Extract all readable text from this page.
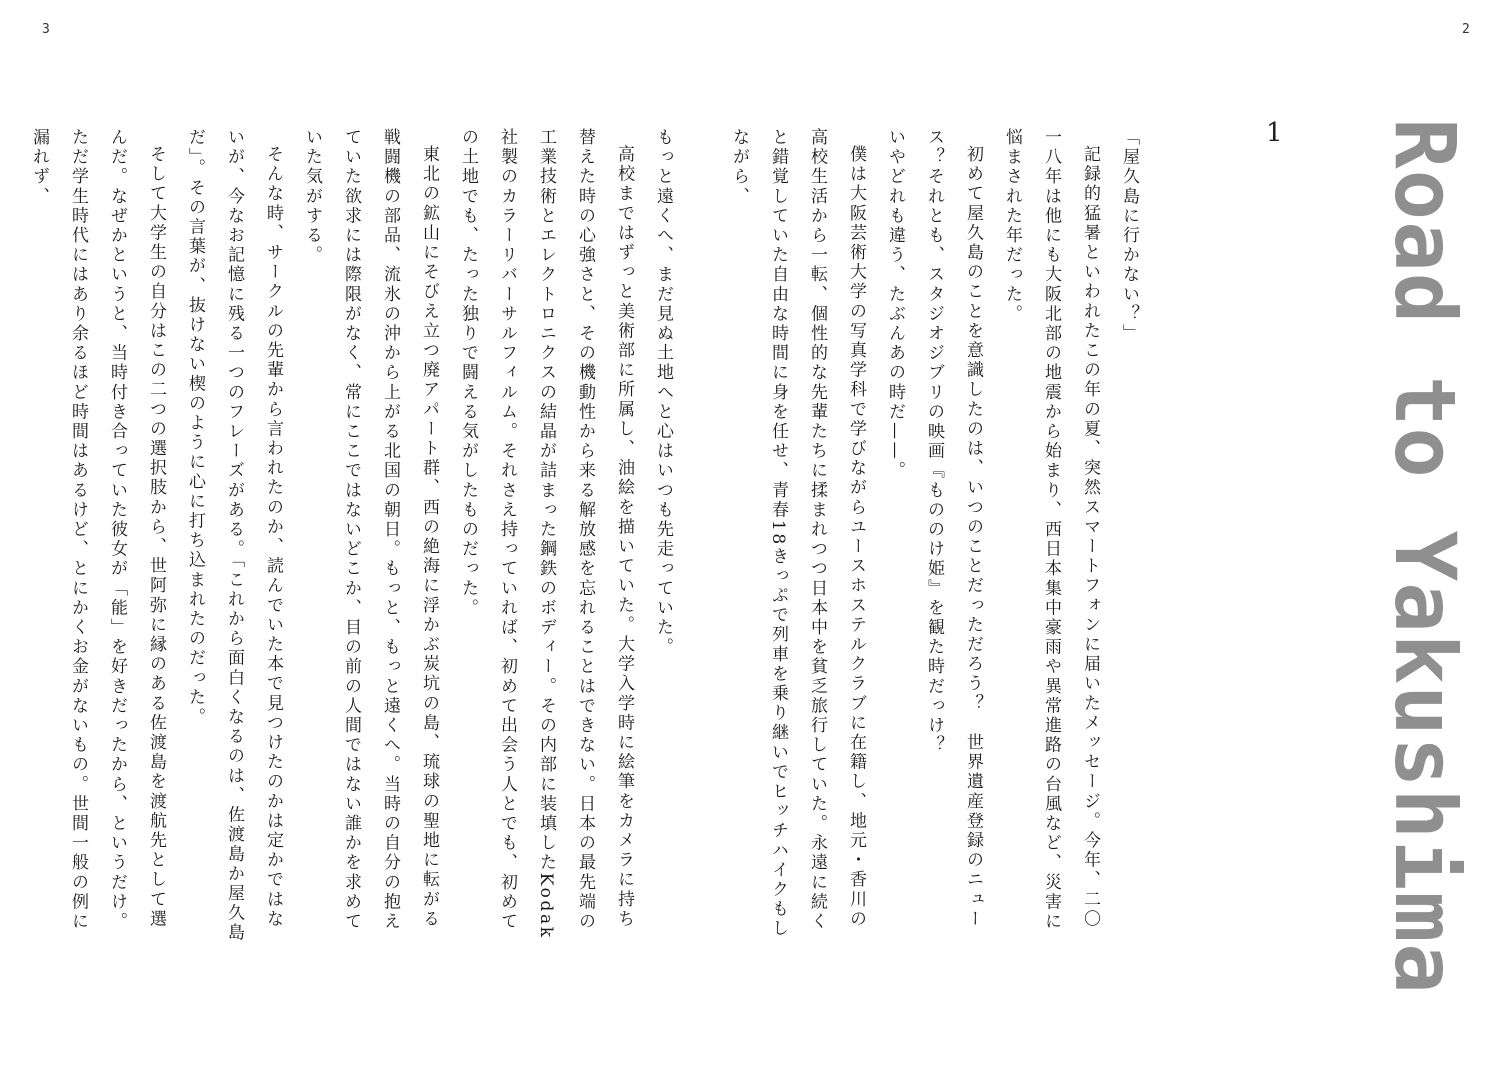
3	2
Road to Yakushima
1

「屋久島に行かない？」

記録的猛暑といわれたこの年の夏、突然スマートフォンに届いたメッセージ。今年、二〇一八年は他にも大阪北部の地震から始まり、西日本集中豪雨や異常進路の台風など、災害に悩まされた年だった。

初めて屋久島のことを意識したのは、いつのことだっただろう？　世界遺産登録のニュース？それとも、スタジオジブリの映画『もののけ姫』を観た時だっけ？

いやどれも違う、たぶんあの時だ——。

僕は大阪芸術大学の写真学科で学びながらユースホステルクラブに在籍し、地元・香川の高校生活から一転、個性的な先輩たちに揉まれつつ日本中を貧乏旅行していた。永遠に続くと錯覚していた自由な時間に身を任せ、青春18きっぷで列車を乗り継いでヒッチハイクもしながら、

もっと遠くへ、まだ見ぬ土地へと心はいつも先走っていた。

高校まではずっと美術部に所属し、油絵を描いていた。大学入学時に絵筆をカメラに持ち替えた時の心強さと、その機動性から来る解放感を忘れることはできない。日本の最先端の工業技術とエレクトロニクスの結晶が詰まった鋼鉄のボディー。その内部に装填したKodak社製のカラーリバーサルフィルム。それさえ持っていれば、初めて出会う人とでも、初めての土地でも、たった独りで闘える気がしたものだった。

東北の鉱山にそびえ立つ廃アパート群、西の絶海に浮かぶ炭坑の島、琉球の聖地に転がる戦闘機の部品、流氷の沖から上がる北国の朝日。もっと、もっと遠くへ。当時の自分の抱えていた欲求には際限がなく、常にここではないどこか、目の前の人間ではない誰かを求めていた気がする。

そんな時、サークルの先輩から言われたのか、読んでいた本で見つけたのかは定かではないが、今なお記憶に残る一つのフレーズがある。「これから面白くなるのは、佐渡島か屋久島だ」。その言葉が、抜けない楔のように心に打ち込まれたのだった。

そして大学生の自分はこの二つの選択肢から、世阿弥に縁のある佐渡島を渡航先として選んだ。なぜかというと、当時付き合っていた彼女が「能」を好きだったから、というだけ。ただ学生時代にはあり余るほど時間はあるけど、とにかくお金がないもの。世間一般の例に漏れず、
